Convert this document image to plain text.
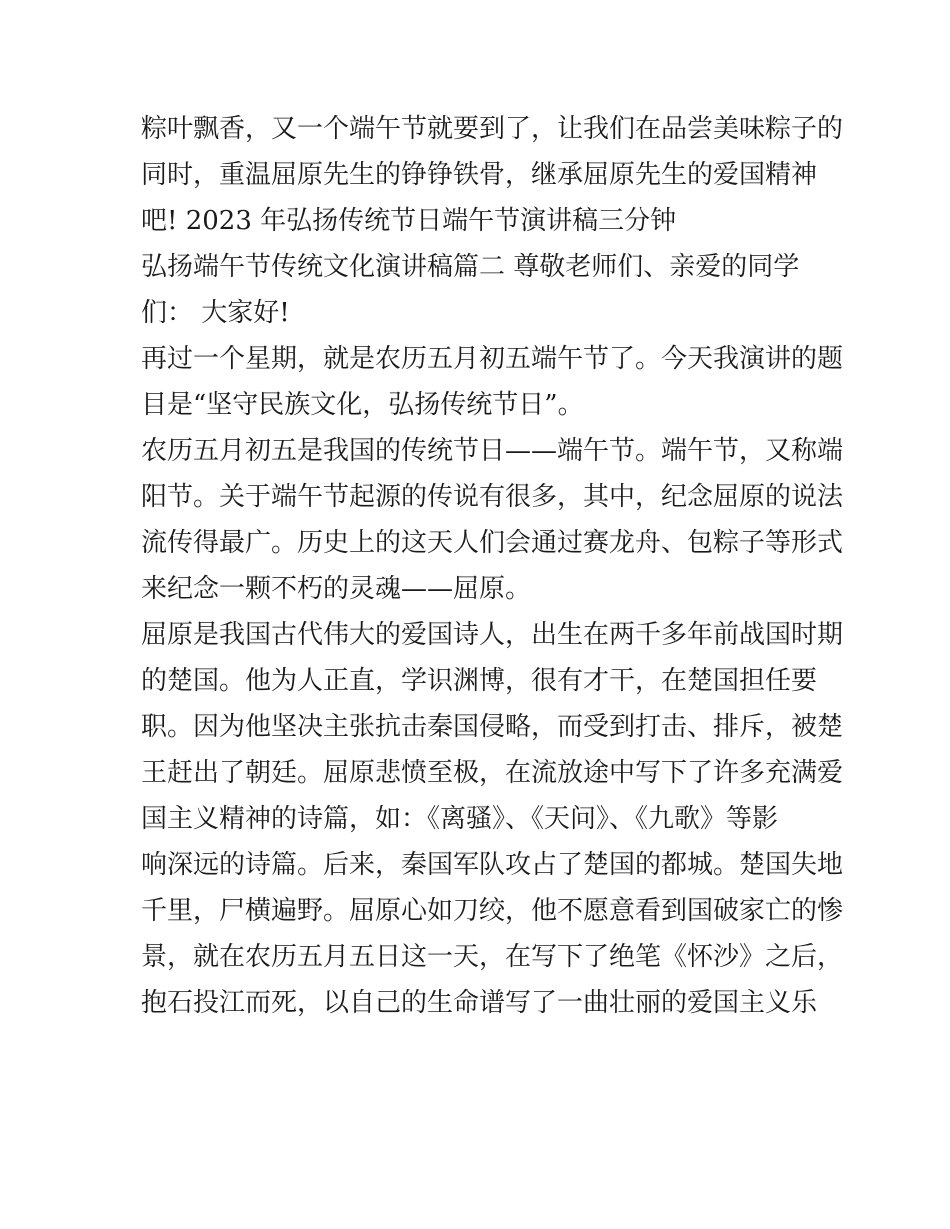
粽叶飘香，又一个端午节就要到了，让我们在品尝美味粽子的
同时，重温屈原先生的铮铮铁骨，继承屈原先生的爱国精神
吧! 2023 年弘扬传统节日端午节演讲稿三分钟
弘扬端午节传统文化演讲稿篇二 尊敬老师们、亲爱的同学
们： 大家好!
再过一个星期，就是农历五月初五端午节了。今天我演讲的题
目是“坚守民族文化，弘扬传统节日”。
农历五月初五是我国的传统节日——端午节。端午节，又称端
阳节。关于端午节起源的传说有很多，其中，纪念屈原的说法
流传得最广。历史上的这天人们会通过赛龙舟、包粽子等形式
来纪念一颗不朽的灵魂——屈原。
屈原是我国古代伟大的爱国诗人，出生在两千多年前战国时期
的楚国。他为人正直，学识渊博，很有才干，在楚国担任要
职。因为他坚决主张抗击秦国侵略，而受到打击、排斥，被楚
王赶出了朝廷。屈原悲愤至极，在流放途中写下了许多充满爱
国主义精神的诗篇，如：《离骚》、《天问》、《九歌》等影
响深远的诗篇。后来，秦国军队攻占了楚国的都城。楚国失地
千里，尸横遍野。屈原心如刀绞，他不愿意看到国破家亡的惨
景，就在农历五月五日这一天，在写下了绝笔《怀沙》之后，
抱石投江而死，以自己的生命谱写了一曲壮丽的爱国主义乐
